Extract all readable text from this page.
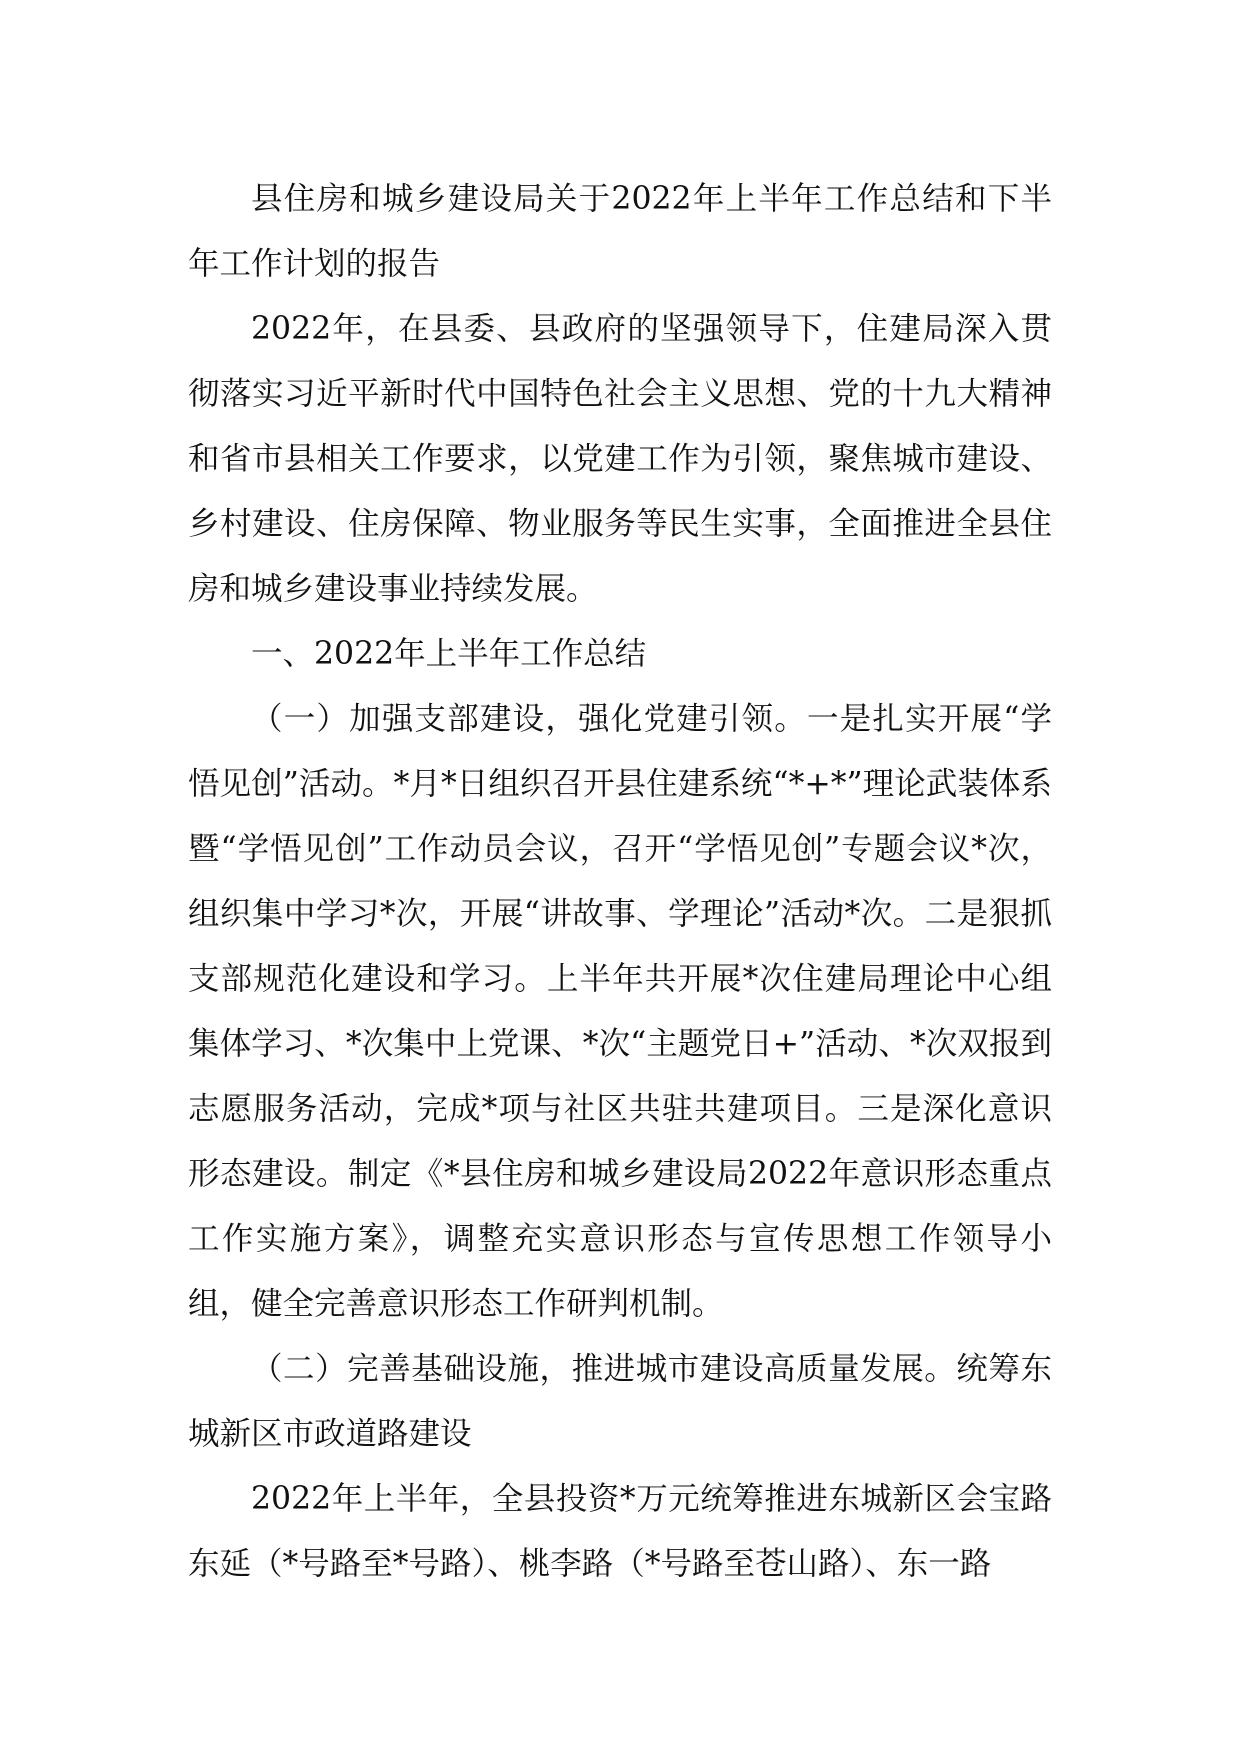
县住房和城乡建设局关于2022年上半年工作总结和下半年工作计划的报告

2022年，在县委、县政府的坚强领导下，住建局深入贯彻落实习近平新时代中国特色社会主义思想、党的十九大精神和省市县相关工作要求，以党建工作为引领，聚焦城市建设、乡村建设、住房保障、物业服务等民生实事，全面推进全县住房和城乡建设事业持续发展。

一、2022年上半年工作总结

（一）加强支部建设，强化党建引领。一是扎实开展“学悟见创”活动。*月*日组织召开县住建系统“*+*”理论武装体系暨“学悟见创”工作动员会议，召开“学悟见创”专题会议*次，组织集中学习*次，开展“讲故事、学理论”活动*次。二是狠抓支部规范化建设和学习。上半年共开展*次住建局理论中心组集体学习、*次集中上党课、*次“主题党日+”活动、*次双报到志愿服务活动，完成*项与社区共驻共建项目。三是深化意识形态建设。制定《*县住房和城乡建设局2022年意识形态重点工作实施方案》，调整充实意识形态与宣传思想工作领导小组，健全完善意识形态工作研判机制。

（二）完善基础设施，推进城市建设高质量发展。统筹东城新区市政道路建设

2022年上半年，全县投资*万元统筹推进东城新区会宝路东延（*号路至*号路）、桃李路（*号路至苍山路）、东一路
